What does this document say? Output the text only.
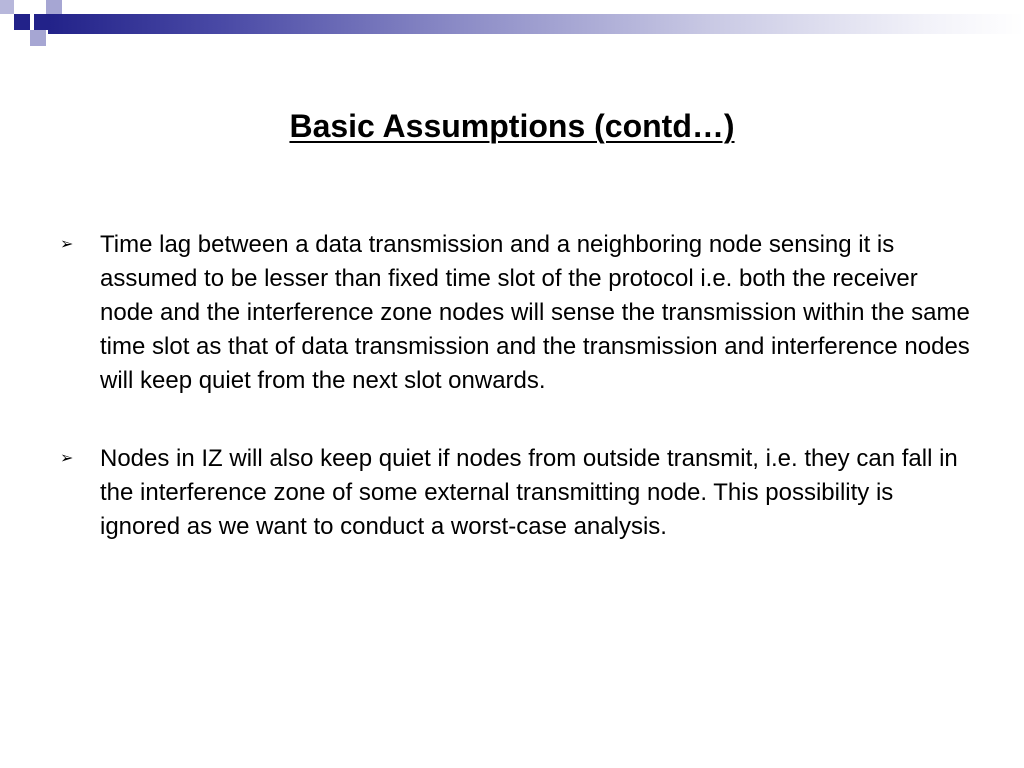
Basic Assumptions (contd…)
➢	Time lag between a data transmission and a neighboring node sensing it is assumed to be lesser than fixed time slot of the protocol i.e. both the receiver node and the interference zone nodes will sense the transmission within the same time slot as that of data transmission and the transmission and interference nodes will keep quiet from the next slot onwards.

➢	Nodes in IZ will also keep quiet if nodes from outside transmit, i.e. they can fall in the interference zone of some external transmitting node. This possibility is ignored as we want to conduct a worst-case analysis.
